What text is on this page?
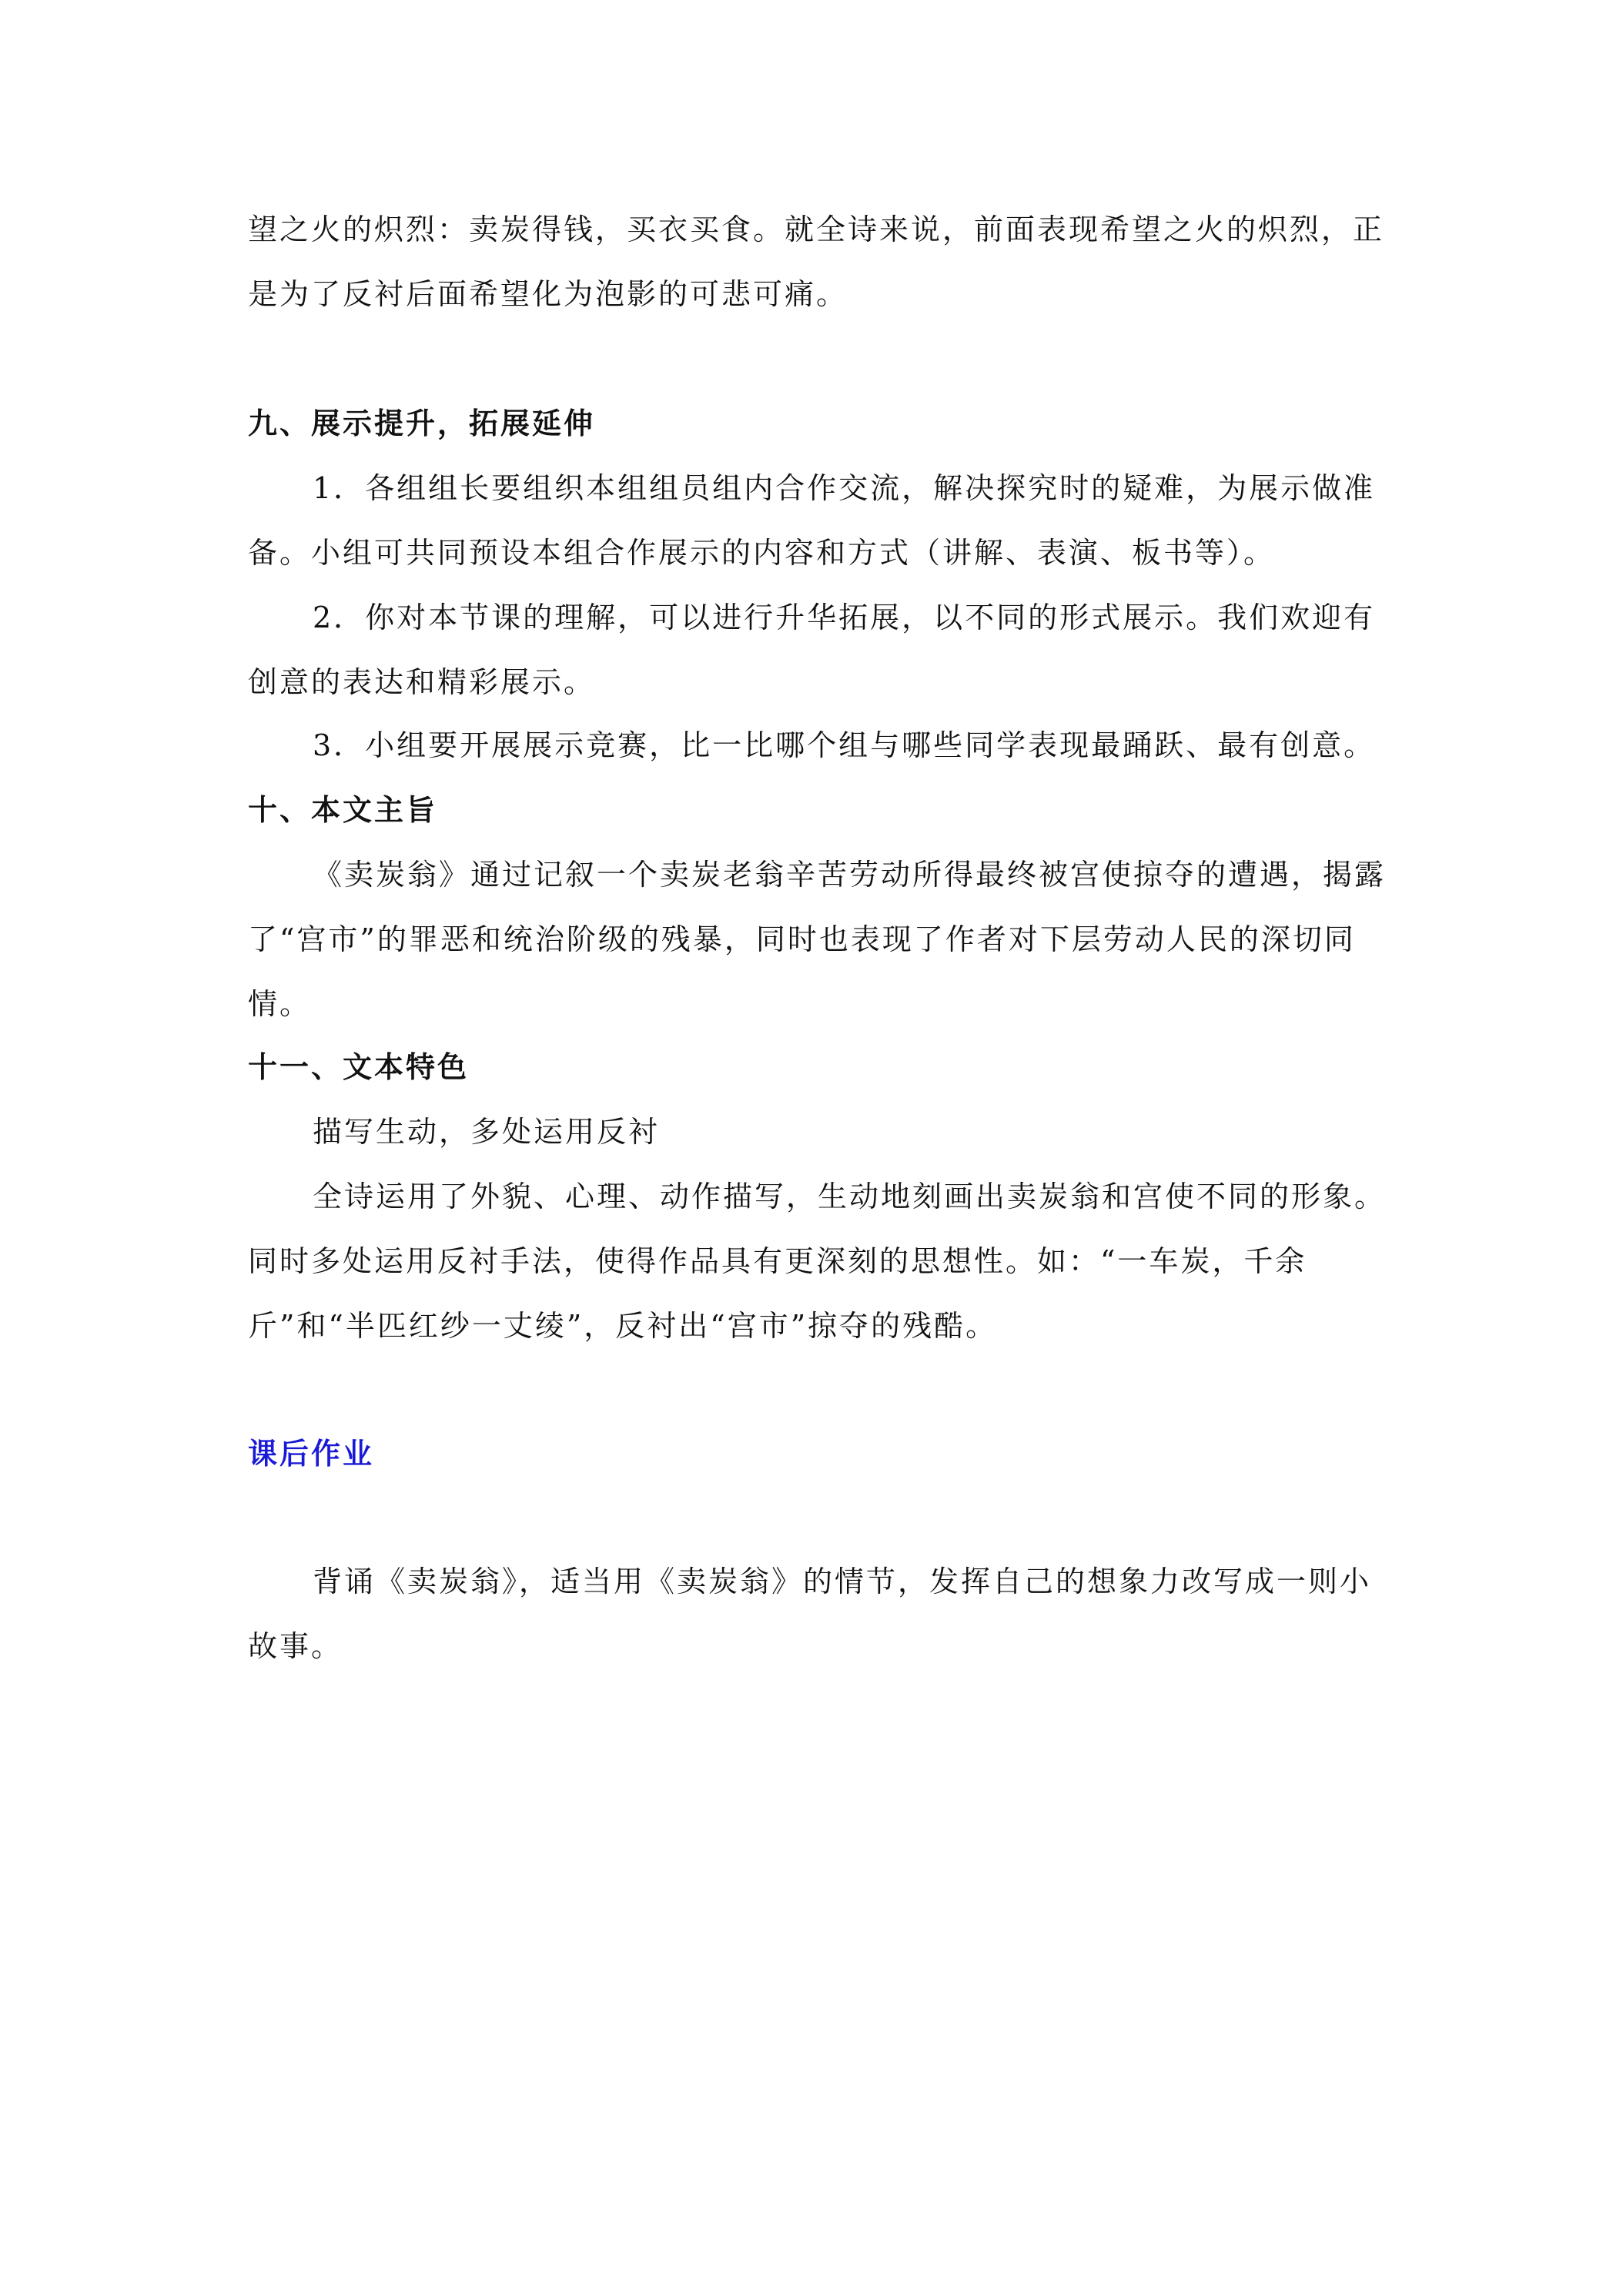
望之火的炽烈：卖炭得钱，买衣买食。就全诗来说，前面表现希望之火的炽烈，正是为了反衬后面希望化为泡影的可悲可痛。

九、展示提升，拓展延伸

1．各组组长要组织本组组员组内合作交流，解决探究时的疑难，为展示做准备。小组可共同预设本组合作展示的内容和方式（讲解、表演、板书等）。

2．你对本节课的理解，可以进行升华拓展，以不同的形式展示。我们欢迎有创意的表达和精彩展示。

3．小组要开展展示竞赛，比一比哪个组与哪些同学表现最踊跃、最有创意。

十、本文主旨

《卖炭翁》通过记叙一个卖炭老翁辛苦劳动所得最终被宫使掠夺的遭遇，揭露了“宫市”的罪恶和统治阶级的残暴，同时也表现了作者对下层劳动人民的深切同情。

十一、文本特色

描写生动，多处运用反衬

全诗运用了外貌、心理、动作描写，生动地刻画出卖炭翁和宫使不同的形象。同时多处运用反衬手法，使得作品具有更深刻的思想性。如：“一车炭，千余斤”和“半匹红纱一丈绫”，反衬出“宫市”掠夺的残酷。

课后作业

背诵《卖炭翁》，适当用《卖炭翁》的情节，发挥自己的想象力改写成一则小故事。
